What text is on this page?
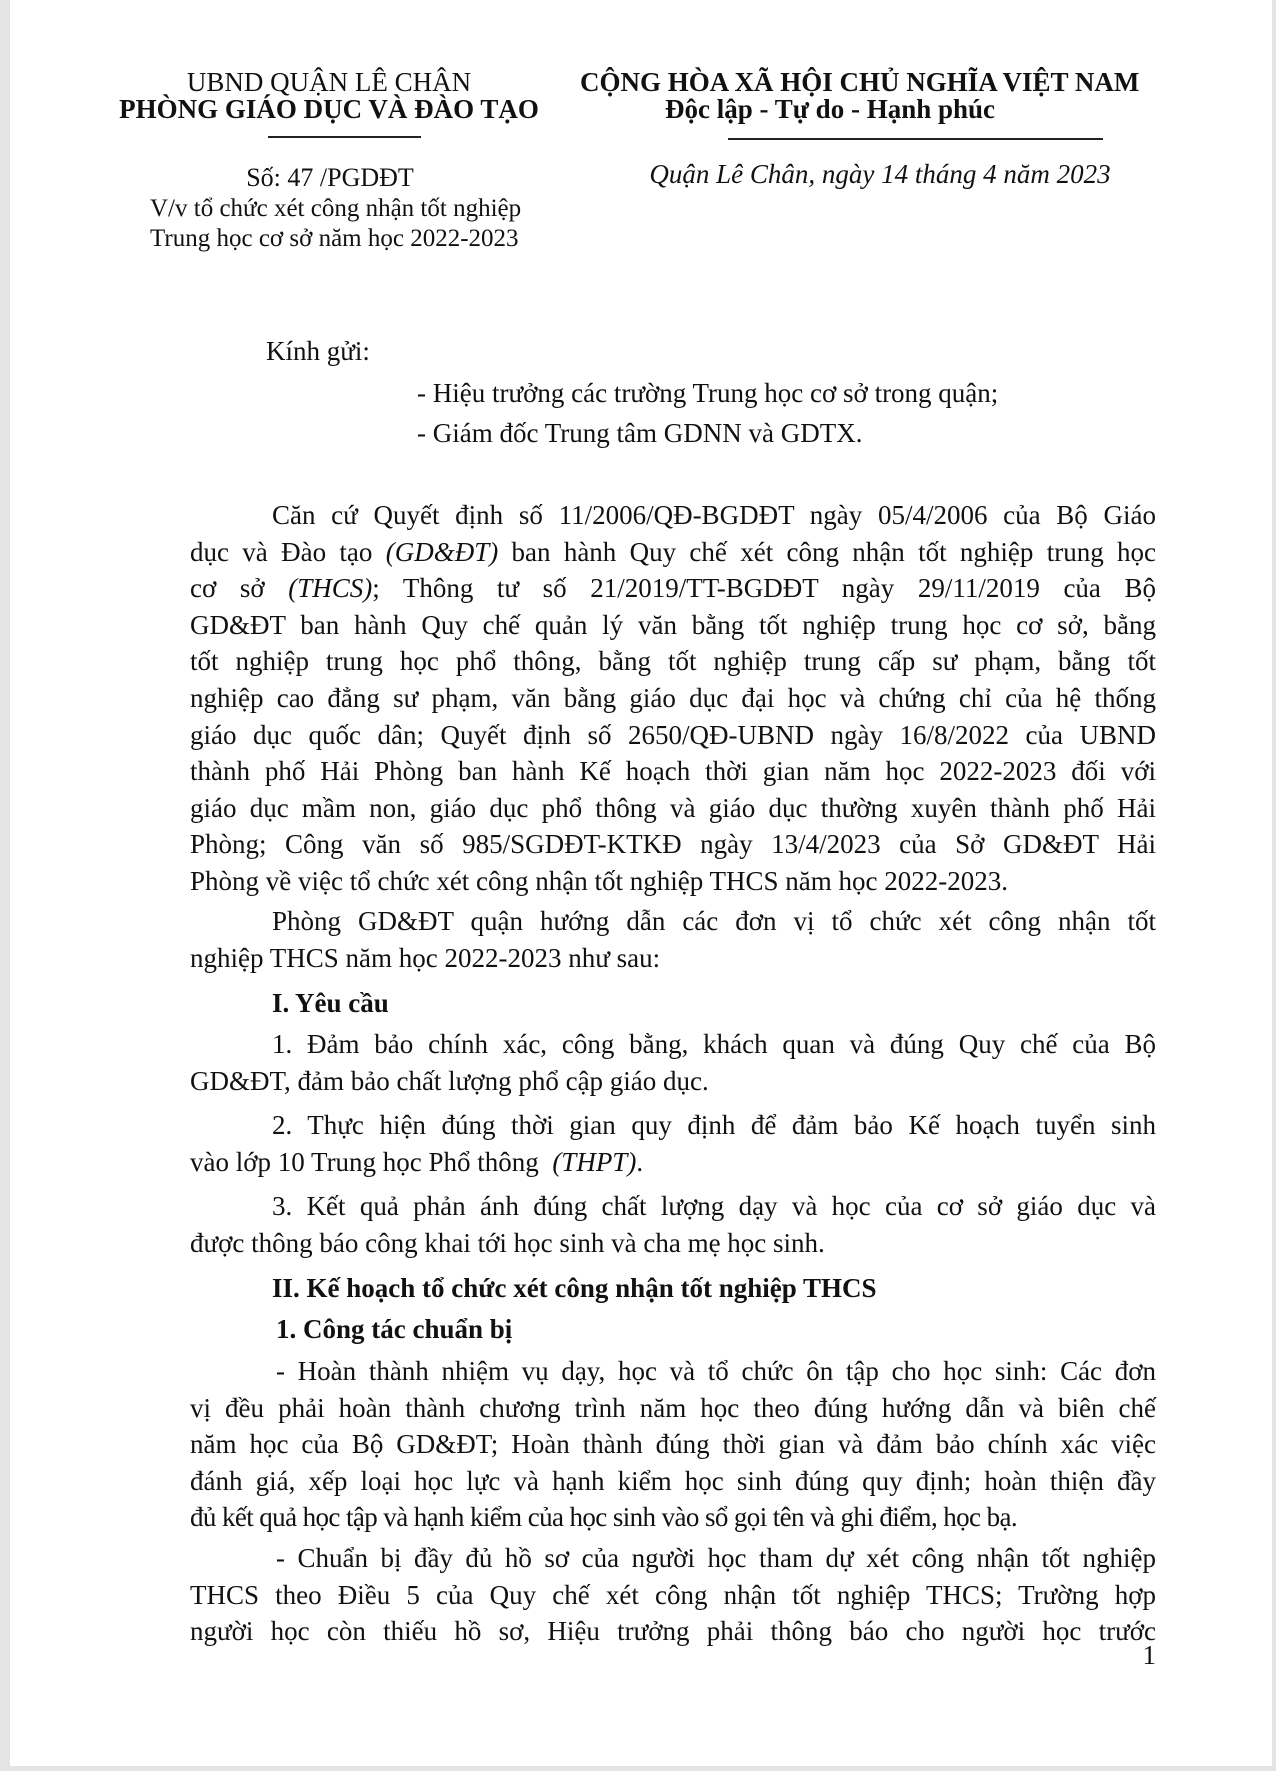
UBND QUẬN LÊ CHÂN
PHÒNG GIÁO DỤC VÀ ĐÀO TẠO
CỘNG HÒA XÃ HỘI CHỦ NGHĨA VIỆT NAM
Độc lập - Tự do - Hạnh phúc
Số: 47 /PGDĐT
V/v tổ chức xét công nhận tốt nghiệp
Trung học cơ sở năm học 2022-2023
Quận Lê Chân, ngày 14 tháng 4 năm 2023
Kính gửi:
- Hiệu trưởng các trường Trung học cơ sở trong quận;
- Giám đốc Trung tâm GDNN và GDTX.
Căn cứ Quyết định số 11/2006/QĐ-BGDĐT ngày 05/4/2006 của Bộ Giáo
dục và Đào tạo (GD&ĐT) ban hành Quy chế xét công nhận tốt nghiệp trung học
cơ sở (THCS); Thông tư số 21/2019/TT-BGDĐT ngày 29/11/2019 của Bộ
GD&ĐT ban hành Quy chế quản lý văn bằng tốt nghiệp trung học cơ sở, bằng
tốt nghiệp trung học phổ thông, bằng tốt nghiệp trung cấp sư phạm, bằng tốt
nghiệp cao đẳng sư phạm, văn bằng giáo dục đại học và chứng chỉ của hệ thống
giáo dục quốc dân; Quyết định số 2650/QĐ-UBND ngày 16/8/2022 của UBND
thành phố Hải Phòng ban hành Kế hoạch thời gian năm học 2022-2023 đối với
giáo dục mầm non, giáo dục phổ thông và giáo dục thường xuyên thành phố Hải
Phòng; Công văn số 985/SGDĐT-KTKĐ ngày 13/4/2023 của Sở GD&ĐT Hải
Phòng về việc tổ chức xét công nhận tốt nghiệp THCS năm học 2022-2023.
Phòng GD&ĐT quận hướng dẫn các đơn vị tổ chức xét công nhận tốt
nghiệp THCS năm học 2022-2023 như sau:
I. Yêu cầu
1. Đảm bảo chính xác, công bằng, khách quan và đúng Quy chế của Bộ
GD&ĐT, đảm bảo chất lượng phổ cập giáo dục.
2. Thực hiện đúng thời gian quy định để đảm bảo Kế hoạch tuyển sinh
vào lớp 10 Trung học Phổ thông  (THPT).
3. Kết quả phản ánh đúng chất lượng dạy và học của cơ sở giáo dục và
được thông báo công khai tới học sinh và cha mẹ học sinh.
II. Kế hoạch tổ chức xét công nhận tốt nghiệp THCS
1. Công tác chuẩn bị
- Hoàn thành nhiệm vụ dạy, học và tổ chức ôn tập cho học sinh: Các đơn
vị đều phải hoàn thành chương trình năm học theo đúng hướng dẫn và biên chế
năm học của Bộ GD&ĐT; Hoàn thành đúng thời gian và đảm bảo chính xác việc
đánh giá, xếp loại học lực và hạnh kiểm học sinh đúng quy định; hoàn thiện đầy
đủ kết quả học tập và hạnh kiểm của học sinh vào sổ gọi tên và ghi điểm, học bạ.
- Chuẩn bị đầy đủ hồ sơ của người học tham dự xét công nhận tốt nghiệp
THCS theo Điều 5 của Quy chế xét công nhận tốt nghiệp THCS; Trường hợp
người học còn thiếu hồ sơ, Hiệu trưởng phải thông báo cho người học trước
1
